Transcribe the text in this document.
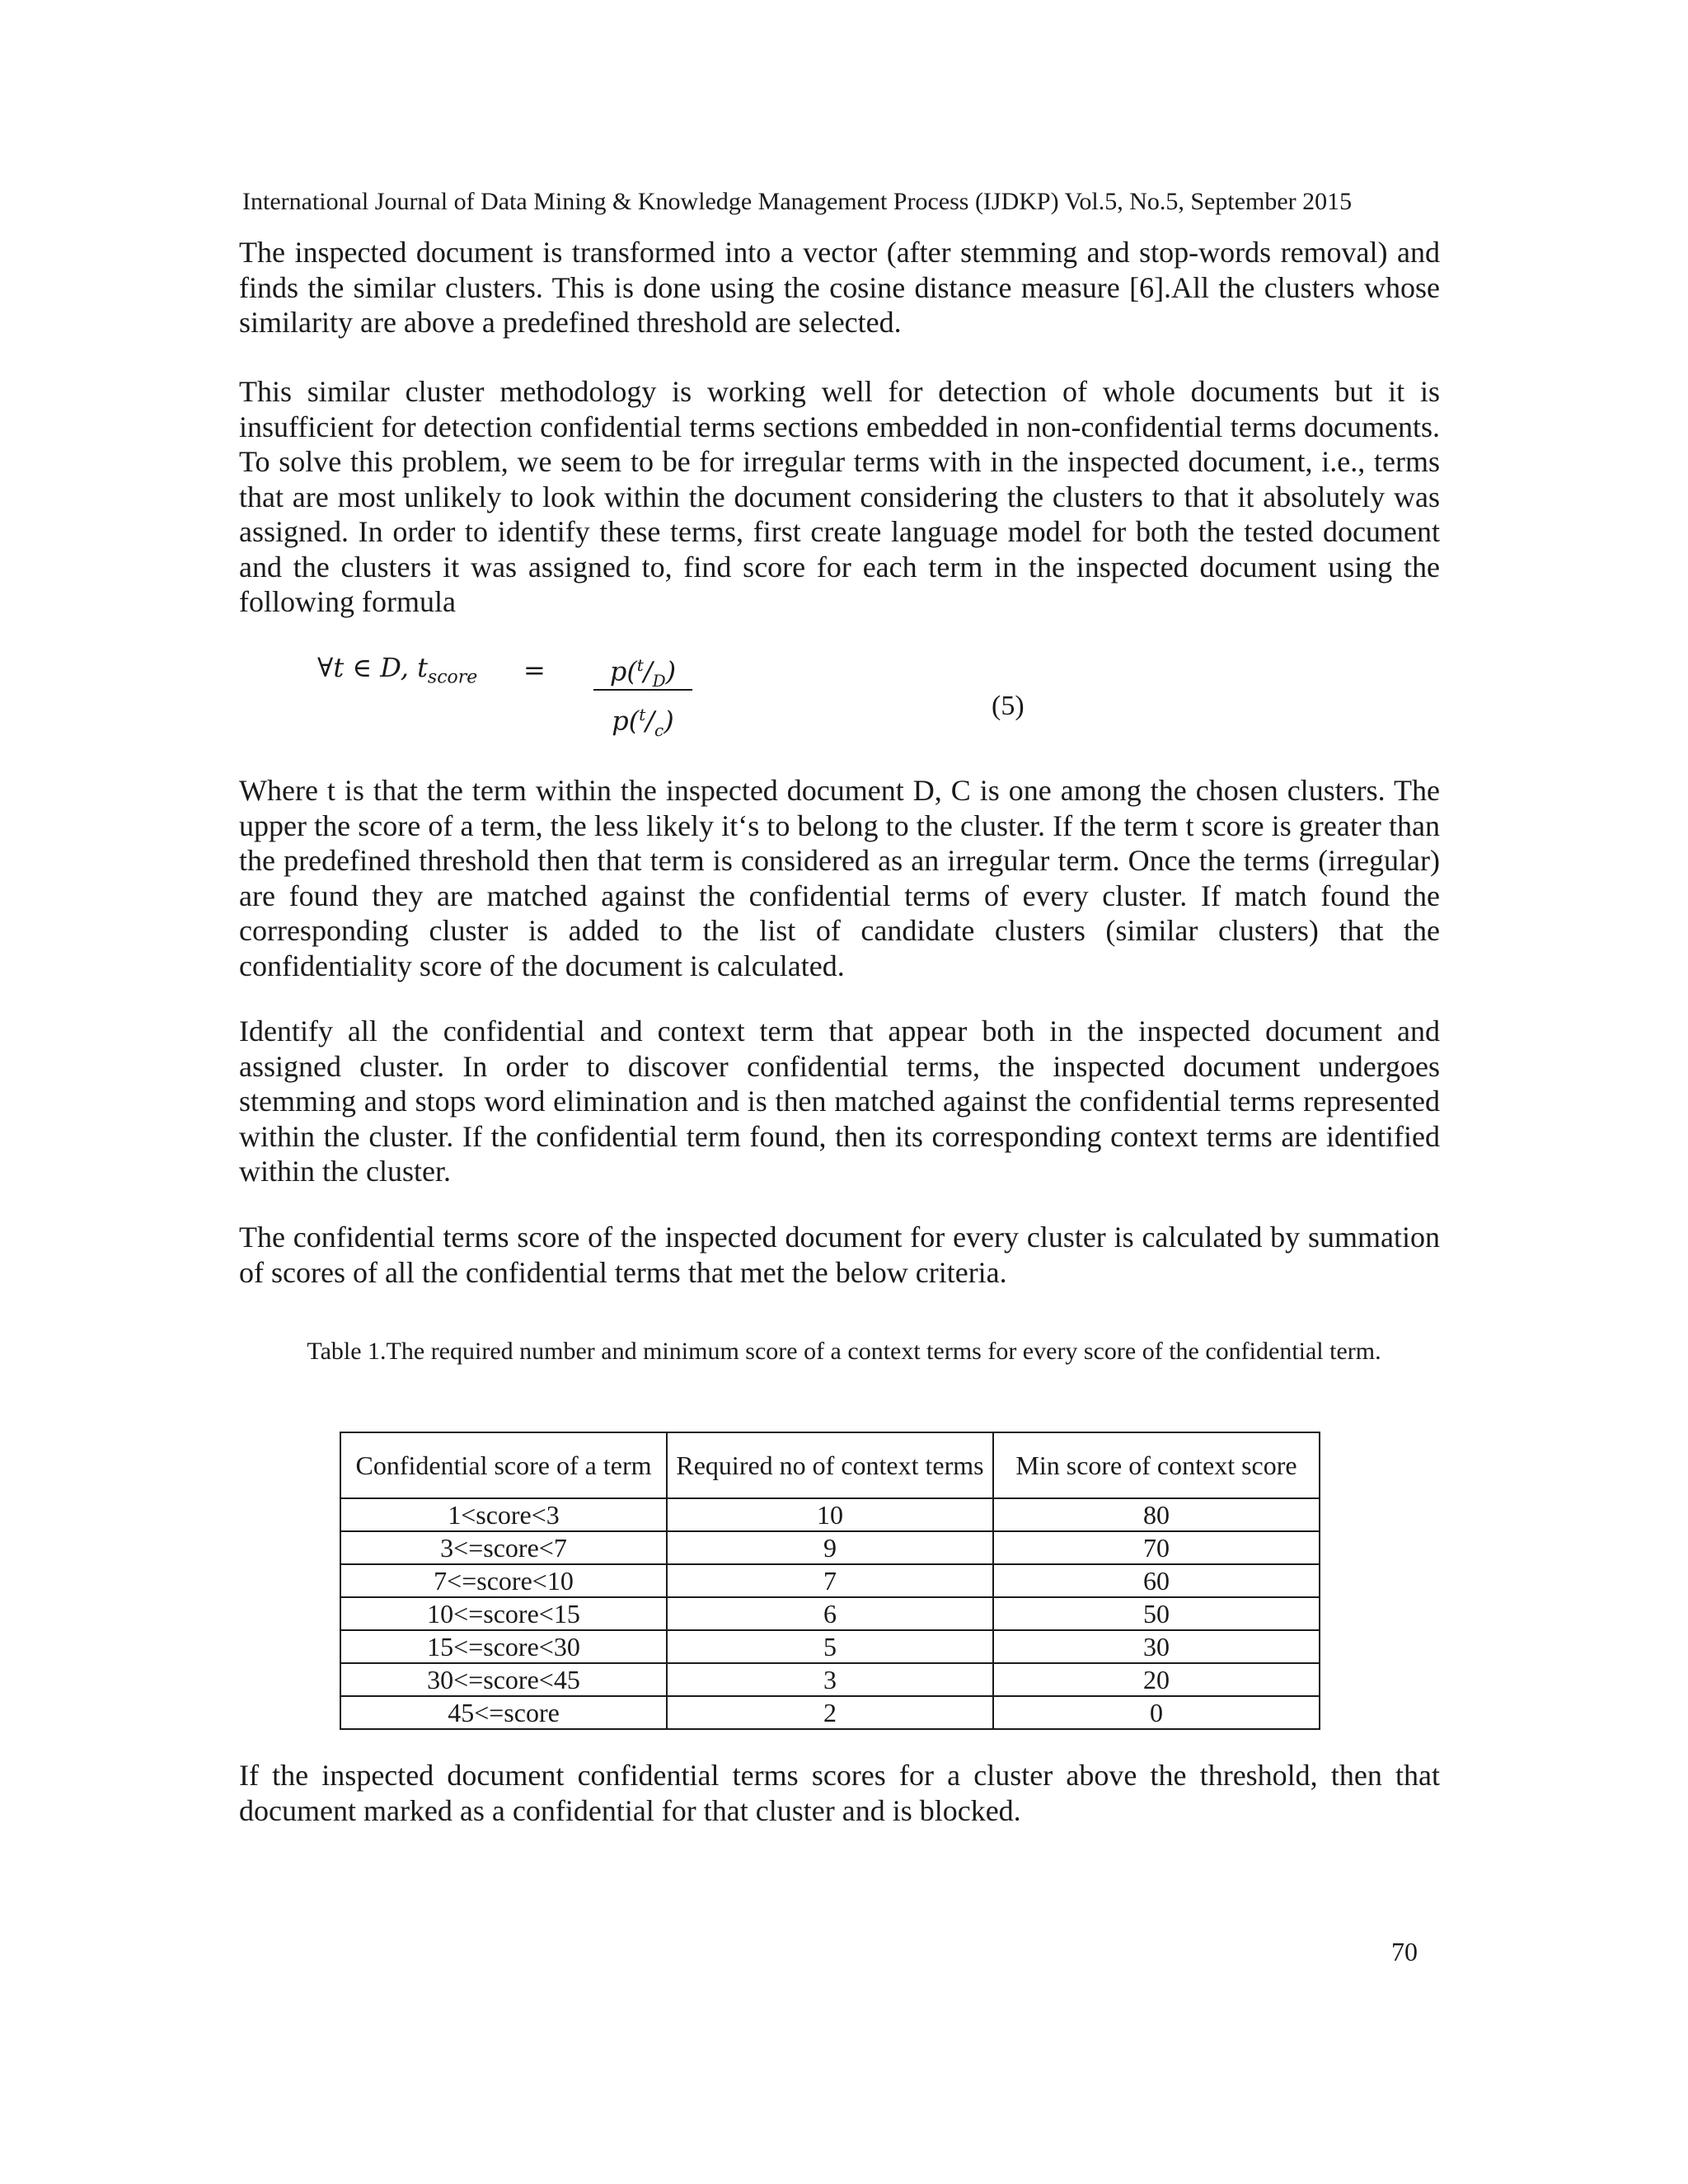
International Journal of Data Mining & Knowledge Management Process (IJDKP) Vol.5, No.5, September 2015

The inspected document is transformed into a vector (after stemming and stop-words removal) and finds the similar clusters. This is done using the cosine distance measure [6].All the clusters whose similarity are above a predefined threshold are selected.

This similar cluster methodology is working well for detection of whole documents but it is insufficient for detection confidential terms sections embedded in non-confidential terms documents. To solve this problem, we seem to be for irregular terms with in the inspected document, i.e., terms that are most unlikely to look within the document considering the clusters to that it absolutely was assigned. In order to identify these terms, first create language model for both the tested document and the clusters it was assigned to, find score for each term in the inspected document using the following formula

∀t ∈ D, $t_{score}$ =	$p(^t/_D)$
$p(^t/_c)$	(5)

Where t is that the term within the inspected document D, C is one among the chosen clusters. The upper the score of a term, the less likely it‘s to belong to the cluster. If the term t score is greater than the predefined threshold then that term is considered as an irregular term. Once the terms (irregular) are found they are matched against the confidential terms of every cluster. If match found the corresponding cluster is added to the list of candidate clusters (similar clusters) that the confidentiality score of the document is calculated.

Identify all the confidential and context term that appear both in the inspected document and assigned cluster. In order to discover confidential terms, the inspected document undergoes stemming and stops word elimination and is then matched against the confidential terms represented within the cluster. If the confidential term found, then its corresponding context terms are identified within the cluster.

The confidential terms score of the inspected document for every cluster is calculated by summation of scores of all the confidential terms that met the below criteria.

Table 1.The required number and minimum score of a context terms for every score of the confidential term.

Confidential score of a term	Required no of context terms	Min score of context score
1<score<3	10	80
3<=score<7	9	70
7<=score<10	7	60
10<=score<15	6	50
15<=score<30	5	30
30<=score<45	3	20
45<=score	2	0

If the inspected document confidential terms scores for a cluster above the threshold, then that document marked as a confidential for that cluster and is blocked.

70
